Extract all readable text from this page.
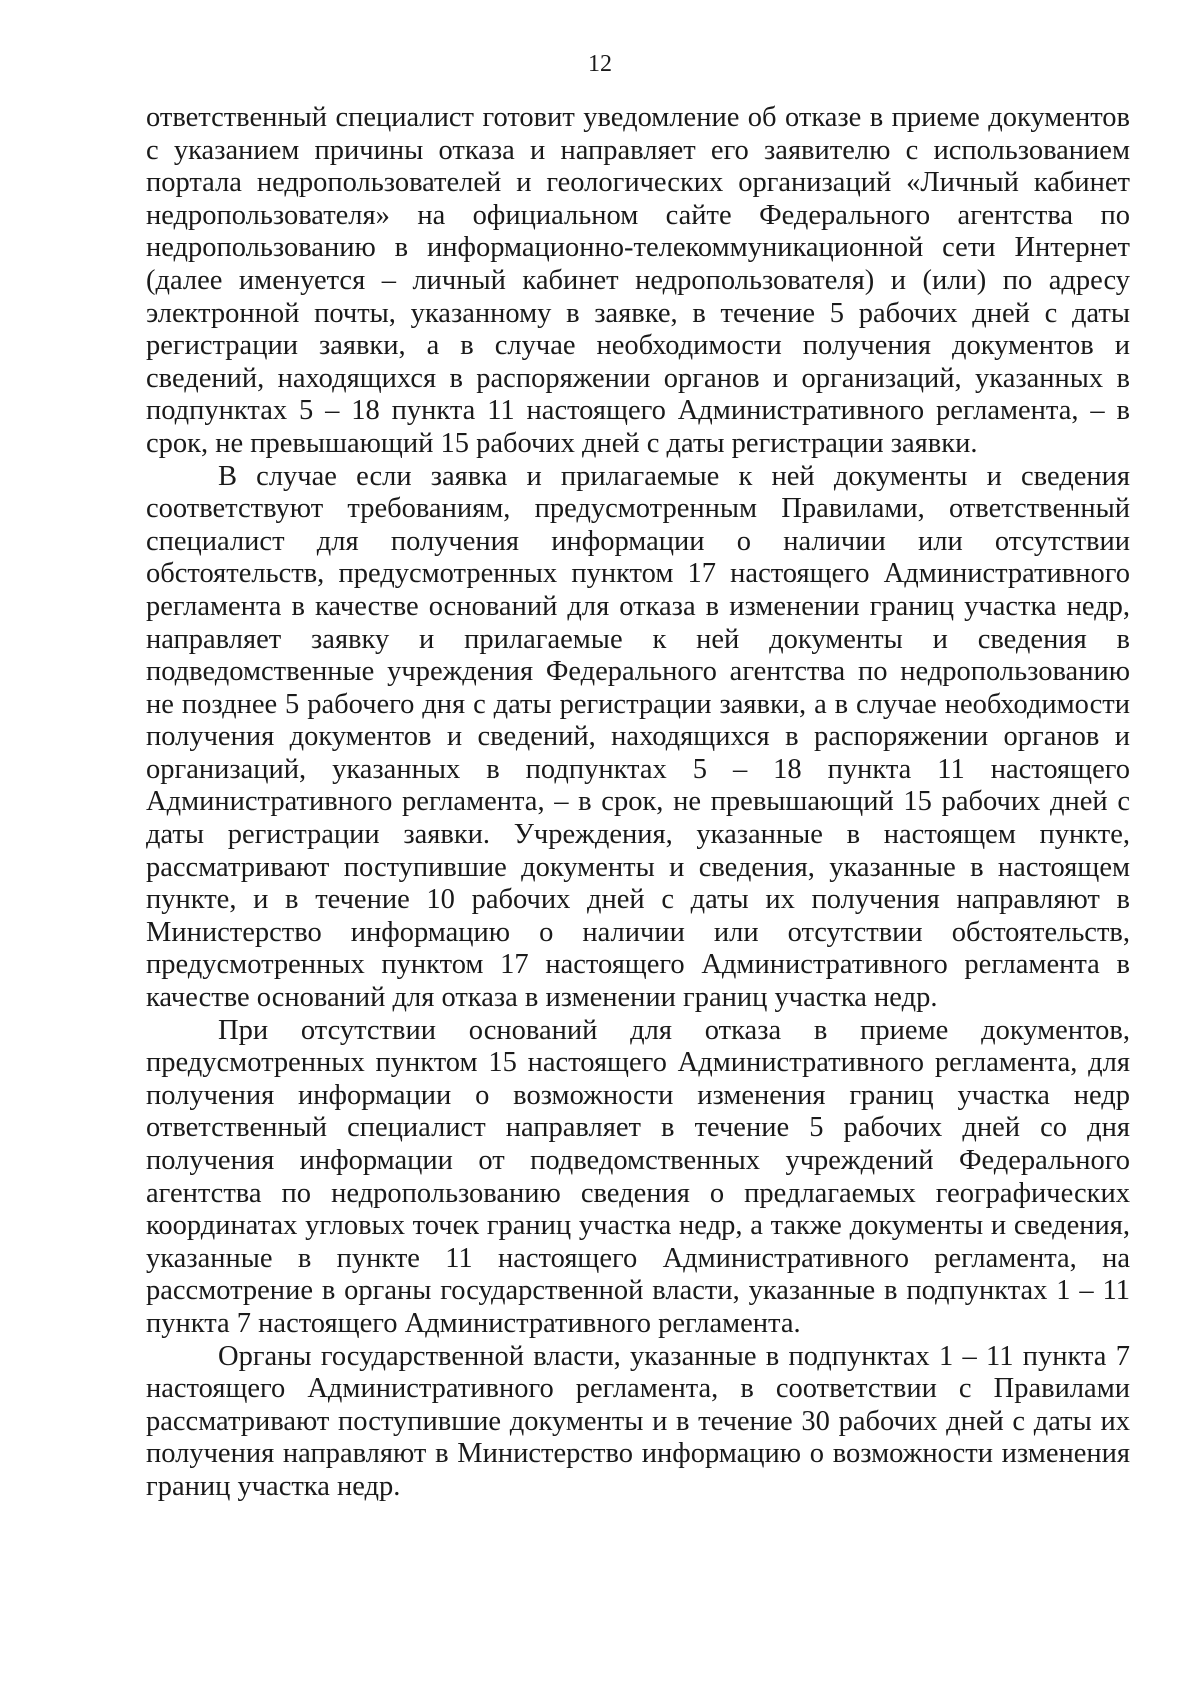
12

ответственный специалист готовит уведомление об отказе в приеме документов с указанием причины отказа и направляет его заявителю с использованием портала недропользователей и геологических организаций «Личный кабинет недропользователя» на официальном сайте Федерального агентства по недропользованию в информационно-телекоммуникационной сети Интернет (далее именуется – личный кабинет недропользователя) и (или) по адресу электронной почты, указанному в заявке, в течение 5 рабочих дней с даты регистрации заявки, а в случае необходимости получения документов и сведений, находящихся в распоряжении органов и организаций, указанных в подпунктах 5 – 18 пункта 11 настоящего Административного регламента, – в срок, не превышающий 15 рабочих дней с даты регистрации заявки.

В случае если заявка и прилагаемые к ней документы и сведения соответствуют требованиям, предусмотренным Правилами, ответственный специалист для получения информации о наличии или отсутствии обстоятельств, предусмотренных пунктом 17 настоящего Административного регламента в качестве оснований для отказа в изменении границ участка недр, направляет заявку и прилагаемые к ней документы и сведения в подведомственные учреждения Федерального агентства по недропользованию не позднее 5 рабочего дня с даты регистрации заявки, а в случае необходимости получения документов и сведений, находящихся в распоряжении органов и организаций, указанных в подпунктах 5 – 18 пункта 11 настоящего Административного регламента, – в срок, не превышающий 15 рабочих дней с даты регистрации заявки. Учреждения, указанные в настоящем пункте, рассматривают поступившие документы и сведения, указанные в настоящем пункте, и в течение 10 рабочих дней с даты их получения направляют в Министерство информацию о наличии или отсутствии обстоятельств, предусмотренных пунктом 17 настоящего Административного регламента в качестве оснований для отказа в изменении границ участка недр.

При отсутствии оснований для отказа в приеме документов, предусмотренных пунктом 15 настоящего Административного регламента, для получения информации о возможности изменения границ участка недр ответственный специалист направляет в течение 5 рабочих дней со дня получения информации от подведомственных учреждений Федерального агентства по недропользованию сведения о предлагаемых географических координатах угловых точек границ участка недр, а также документы и сведения, указанные в пункте 11 настоящего Административного регламента, на рассмотрение в органы государственной власти, указанные в подпунктах 1 – 11 пункта 7 настоящего Административного регламента.

Органы государственной власти, указанные в подпунктах 1 – 11 пункта 7 настоящего Административного регламента, в соответствии с Правилами рассматривают поступившие документы и в течение 30 рабочих дней с даты их получения направляют в Министерство информацию о возможности изменения границ участка недр.
